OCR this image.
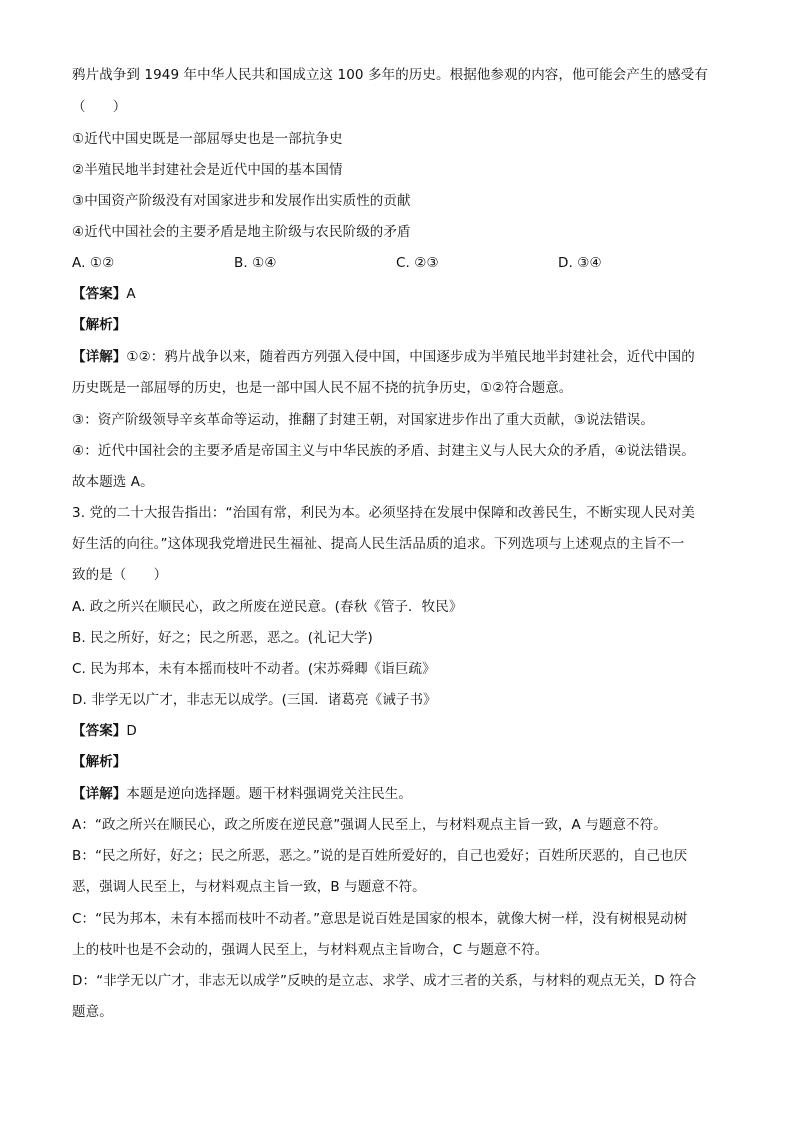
鸦片战争到 1949 年中华人民共和国成立这 100 多年的历史。根据他参观的内容，他可能会产生的感受有
（　　）
①近代中国史既是一部屈辱史也是一部抗争史
②半殖民地半封建社会是近代中国的基本国情
③中国资产阶级没有对国家进步和发展作出实质性的贡献
④近代中国社会的主要矛盾是地主阶级与农民阶级的矛盾
A. ①②	B. ①④	C. ②③	D. ③④
【答案】A
【解析】
【详解】①②：鸦片战争以来，随着西方列强入侵中国，中国逐步成为半殖民地半封建社会，近代中国的
历史既是一部屈辱的历史，也是一部中国人民不屈不挠的抗争历史，①②符合题意。
③：资产阶级领导辛亥革命等运动，推翻了封建王朝，对国家进步作出了重大贡献，③说法错误。
④：近代中国社会的主要矛盾是帝国主义与中华民族的矛盾、封建主义与人民大众的矛盾，④说法错误。
故本题选 A。
3. 党的二十大报告指出：“治国有常，利民为本。必须坚持在发展中保障和改善民生，不断实现人民对美
好生活的向往。”这体现我党增进民生福祉、提高人民生活品质的追求。下列选项与上述观点的主旨不一
致的是（　　）
A. 政之所兴在顺民心，政之所废在逆民意。(春秋《管子．牧民》
B. 民之所好，好之；民之所恶，恶之。(礼记大学)
C. 民为邦本，未有本摇而枝叶不动者。(宋苏舜卿《诣巨疏》
D. 非学无以广才，非志无以成学。(三国．诸葛亮《诫子书》
【答案】D
【解析】
【详解】本题是逆向选择题。题干材料强调党关注民生。
A：“政之所兴在顺民心，政之所废在逆民意”强调人民至上，与材料观点主旨一致，A 与题意不符。
B：“民之所好，好之；民之所恶，恶之。”说的是百姓所爱好的，自己也爱好；百姓所厌恶的，自己也厌
恶，强调人民至上，与材料观点主旨一致，B 与题意不符。
C：“民为邦本，未有本摇而枝叶不动者。”意思是说百姓是国家的根本，就像大树一样，没有树根晃动树
上的枝叶也是不会动的，强调人民至上，与材料观点主旨吻合，C 与题意不符。
D：“非学无以广才，非志无以成学”反映的是立志、求学、成才三者的关系，与材料的观点无关，D 符合
题意。
